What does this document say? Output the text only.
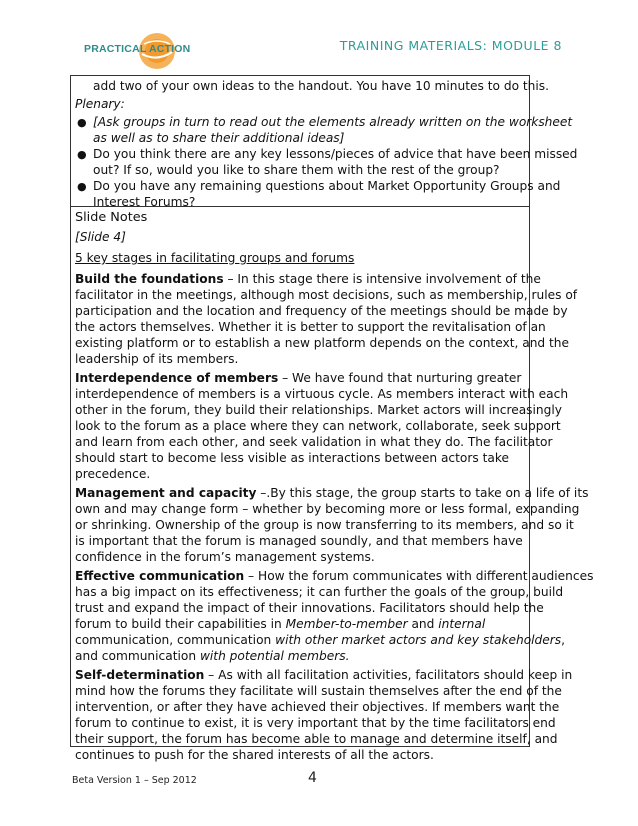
PRACTICAL ACTION	TRAINING MATERIALS: MODULE 8
add two of your own ideas to the handout. You have 10 minutes to do this.
Plenary:
● [Ask groups in turn to read out the elements already written on the worksheet
as well as to share their additional ideas]
● Do you think there are any key lessons/pieces of advice that have been missed
out? If so, would you like to share them with the rest of the group?
● Do you have any remaining questions about Market Opportunity Groups and
Interest Forums?
Slide Notes
[Slide 4]
5 key stages in facilitating groups and forums
Build the foundations – In this stage there is intensive involvement of the
facilitator in the meetings, although most decisions, such as membership, rules of
participation and the location and frequency of the meetings should be made by
the actors themselves. Whether it is better to support the revitalisation of an
existing platform or to establish a new platform depends on the context, and the
leadership of its members.
Interdependence of members – We have found that nurturing greater
interdependence of members is a virtuous cycle. As members interact with each
other in the forum, they build their relationships. Market actors will increasingly
look to the forum as a place where they can network, collaborate, seek support
and learn from each other, and seek validation in what they do. The facilitator
should start to become less visible as interactions between actors take
precedence.
Management and capacity –.By this stage, the group starts to take on a life of its
own and may change form – whether by becoming more or less formal, expanding
or shrinking. Ownership of the group is now transferring to its members, and so it
is important that the forum is managed soundly, and that members have
confidence in the forum’s management systems.
Effective communication – How the forum communicates with different audiences
has a big impact on its effectiveness; it can further the goals of the group, build
trust and expand the impact of their innovations. Facilitators should help the
forum to build their capabilities in Member-to-member and internal
communication, communication with other market actors and key stakeholders,
and communication with potential members.
Self-determination – As with all facilitation activities, facilitators should keep in
mind how the forums they facilitate will sustain themselves after the end of the
intervention, or after they have achieved their objectives. If members want the
forum to continue to exist, it is very important that by the time facilitators end
their support, the forum has become able to manage and determine itself, and
continues to push for the shared interests of all the actors.
Beta Version 1 – Sep 2012	4
